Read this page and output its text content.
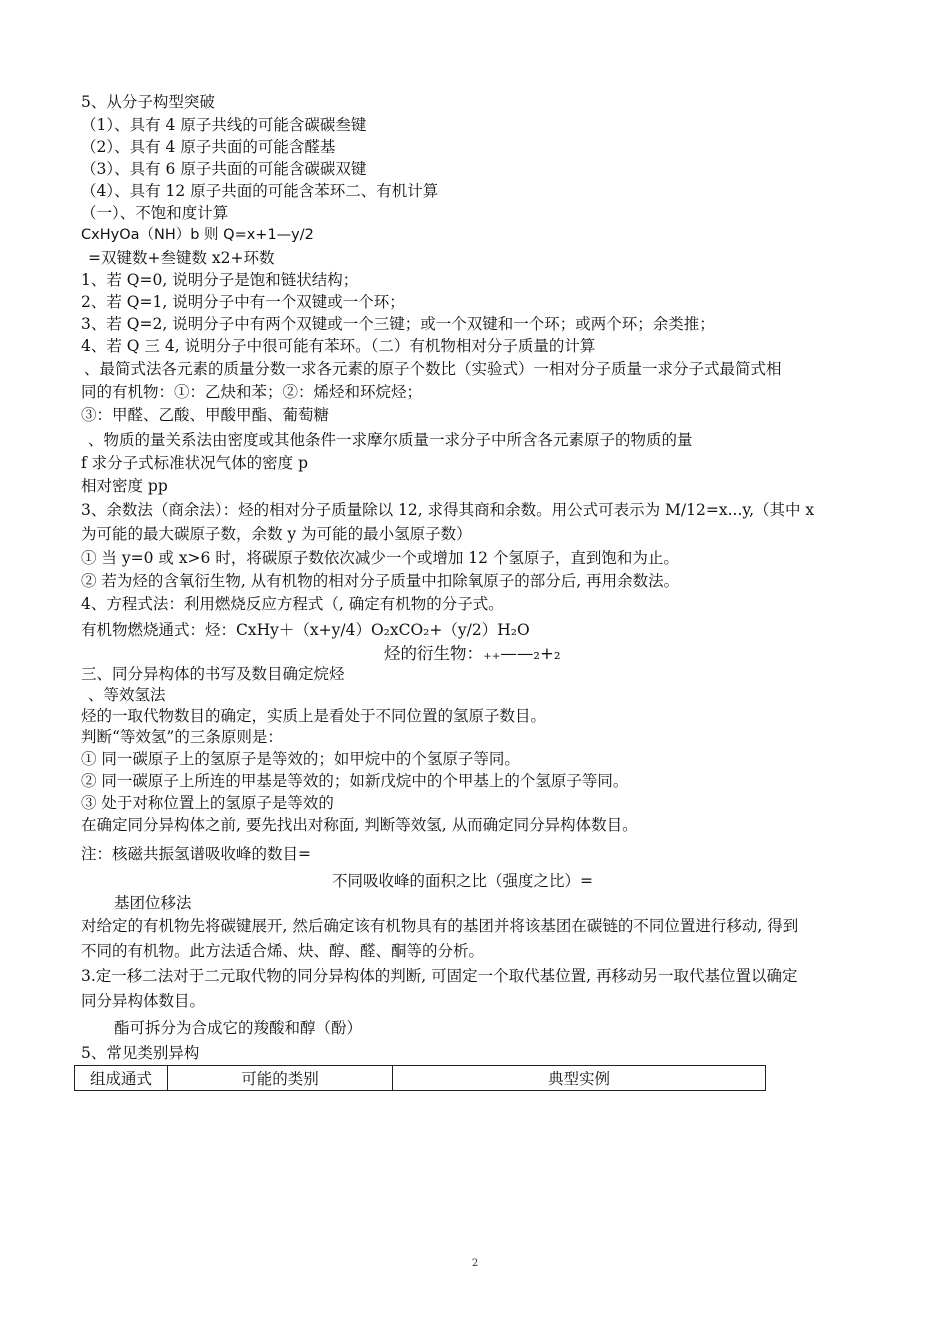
5、从分子构型突破
（1）、具有 4 原子共线的可能含碳碳叁键
（2）、具有 4 原子共面的可能含醛基
（3）、具有 6 原子共面的可能含碳碳双键
（4）、具有 12 原子共面的可能含苯环二、有机计算
（一）、不饱和度计算
CxHyOa（NH）b 则 Q=x+1—y/2
=双键数+叁键数 x2+环数
1、若 Q=0, 说明分子是饱和链状结构；
2、若 Q=1, 说明分子中有一个双键或一个环；
3、若 Q=2, 说明分子中有两个双键或一个三键；或一个双键和一个环；或两个环；余类推；
4、若 Q 三 4, 说明分子中很可能有苯环。（二）有机物相对分子质量的计算
、最简式法各元素的质量分数一求各元素的原子个数比（实验式）一相对分子质量一求分子式最简式相
同的有机物：①：乙炔和苯；②：烯烃和环烷烃；
③：甲醛、乙酸、甲酸甲酯、葡萄糖
、物质的量关系法由密度或其他条件一求摩尔质量一求分子中所含各元素原子的物质的量
f 求分子式标准状况气体的密度 p
相对密度 pp
3、余数法（商余法）：烃的相对分子质量除以 12, 求得其商和余数。用公式可表示为 M/12=x...y,（其中 x
为可能的最大碳原子数，余数 y 为可能的最小氢原子数）
① 当 y=0 或 x>6 时，将碳原子数依次减少一个或增加 12 个氢原子，直到饱和为止。
② 若为烃的含氧衍生物, 从有机物的相对分子质量中扣除氧原子的部分后, 再用余数法。
4、方程式法：利用燃烧反应方程式（, 确定有机物的分子式。
有机物燃烧通式：烃：CxHy＋（x+y/4）O₂xCO₂+（y/2）H₂O
烃的衍生物：₊₊——₂+₂
三、同分异构体的书写及数目确定烷烃
、等效氢法
烃的一取代物数目的确定，实质上是看处于不同位置的氢原子数目。
判断“等效氢”的三条原则是：
① 同一碳原子上的氢原子是等效的；如甲烷中的个氢原子等同。
② 同一碳原子上所连的甲基是等效的；如新戊烷中的个甲基上的个氢原子等同。
③ 处于对称位置上的氢原子是等效的
在确定同分异构体之前, 要先找出对称面, 判断等效氢, 从而确定同分异构体数目。
注：核磁共振氢谱吸收峰的数目=
不同吸收峰的面积之比（强度之比）=
基团位移法
对给定的有机物先将碳键展开, 然后确定该有机物具有的基团并将该基团在碳链的不同位置进行移动, 得到
不同的有机物。此方法适合烯、炔、醇、醛、酮等的分析。
3.定一移二法对于二元取代物的同分异构体的判断, 可固定一个取代基位置, 再移动另一取代基位置以确定
同分异构体数目。
酯可拆分为合成它的羧酸和醇（酚）
5、常见类别异构
组成通式	可能的类别	典型实例
2
